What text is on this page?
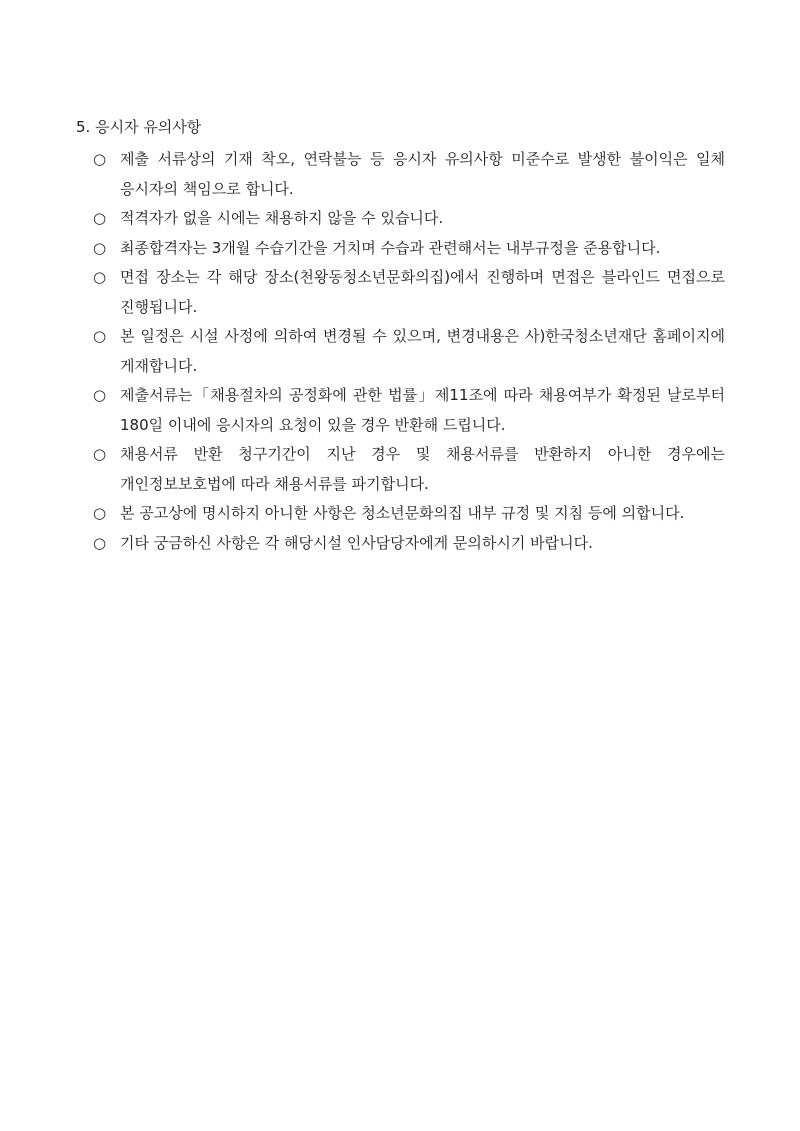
5. 응시자 유의사항
○ 제출 서류상의 기재 착오, 연락불능 등 응시자 유의사항 미준수로 발생한 불이익은 일체 응시자의 책임으로 합니다.
○ 적격자가 없을 시에는 채용하지 않을 수 있습니다.
○ 최종합격자는 3개월 수습기간을 거치며 수습과 관련해서는 내부규정을 준용합니다.
○ 면접 장소는 각 해당 장소(천왕동청소년문화의집)에서 진행하며 면접은 블라인드 면접으로 진행됩니다.
○ 본 일정은 시설 사정에 의하여 변경될 수 있으며, 변경내용은 사)한국청소년재단 홈페이지에 게재합니다.
○ 제출서류는「채용절차의 공정화에 관한 법률」제11조에 따라 채용여부가 확정된 날로부터 180일 이내에 응시자의 요청이 있을 경우 반환해 드립니다.
○ 채용서류 반환 청구기간이 지난 경우 및 채용서류를 반환하지 아니한 경우에는 개인정보보호법에 따라 채용서류를 파기합니다.
○ 본 공고상에 명시하지 아니한 사항은 청소년문화의집 내부 규정 및 지침 등에 의합니다.
○ 기타 궁금하신 사항은 각 해당시설 인사담당자에게 문의하시기 바랍니다.
